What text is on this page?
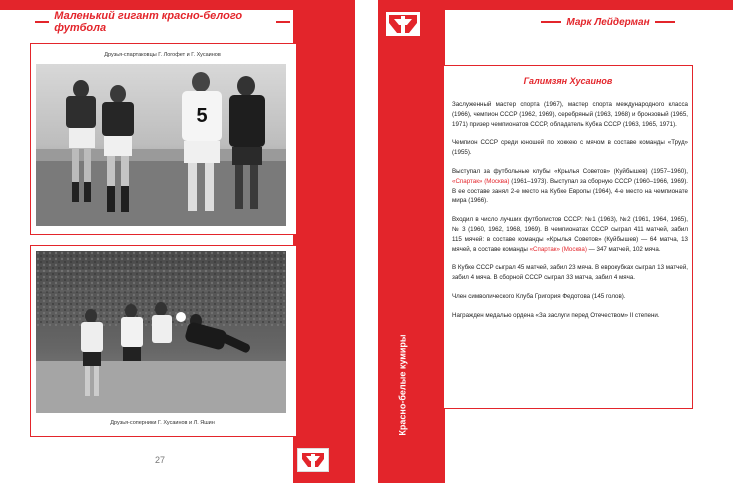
Маленький гигант красно-белого футбола
Друзья-спартаковцы Г. Логофет и Г. Хусаинов
5
Друзья-соперники Г. Хусаинов и Л. Яшин
27
Марк Лейдерман
Красно-белые кумиры
Галимзян Хусаинов

Заслуженный мастер спорта (1967), мастер спорта международного класса (1966), чемпион СССР (1962, 1969), серебряный (1963, 1968) и бронзовый (1965, 1971) призер чемпионатов СССР, обладатель Кубка СССР (1963, 1965, 1971).

Чемпион СССР среди юношей по хоккею с мячом в составе команды «Труд» (1955).

Выступал за футбольные клубы «Крылья Советов» (Куйбышев) (1957–1960), «Спартак» (Москва) (1961–1973). Выступал за сборную СССР (1960–1966, 1969). В ее составе занял 2-е место на Кубке Европы (1964), 4-е место на чемпионате мира (1966).

Входил в число лучших футболистов СССР: №1 (1963), №2 (1961, 1964, 1965), № 3 (1960, 1962, 1968, 1969). В чемпионатах СССР сыграл 411 матчей, забил 115 мячей: в составе команды «Крылья Советов» (Куйбышев) — 64 матча, 13 мячей, в составе команды «Спартак» (Москва) — 347 матчей, 102 мяча.

В Кубке СССР сыграл 45 матчей, забил 23 мяча. В еврокубках сыграл 13 матчей, забил 4 мяча. В сборной СССР сыграл 33 матча, забил 4 мяча.

Член символического Клуба Григория Федотова (145 голов).

Награжден медалью ордена «За заслуги перед Отечеством» II степени.
